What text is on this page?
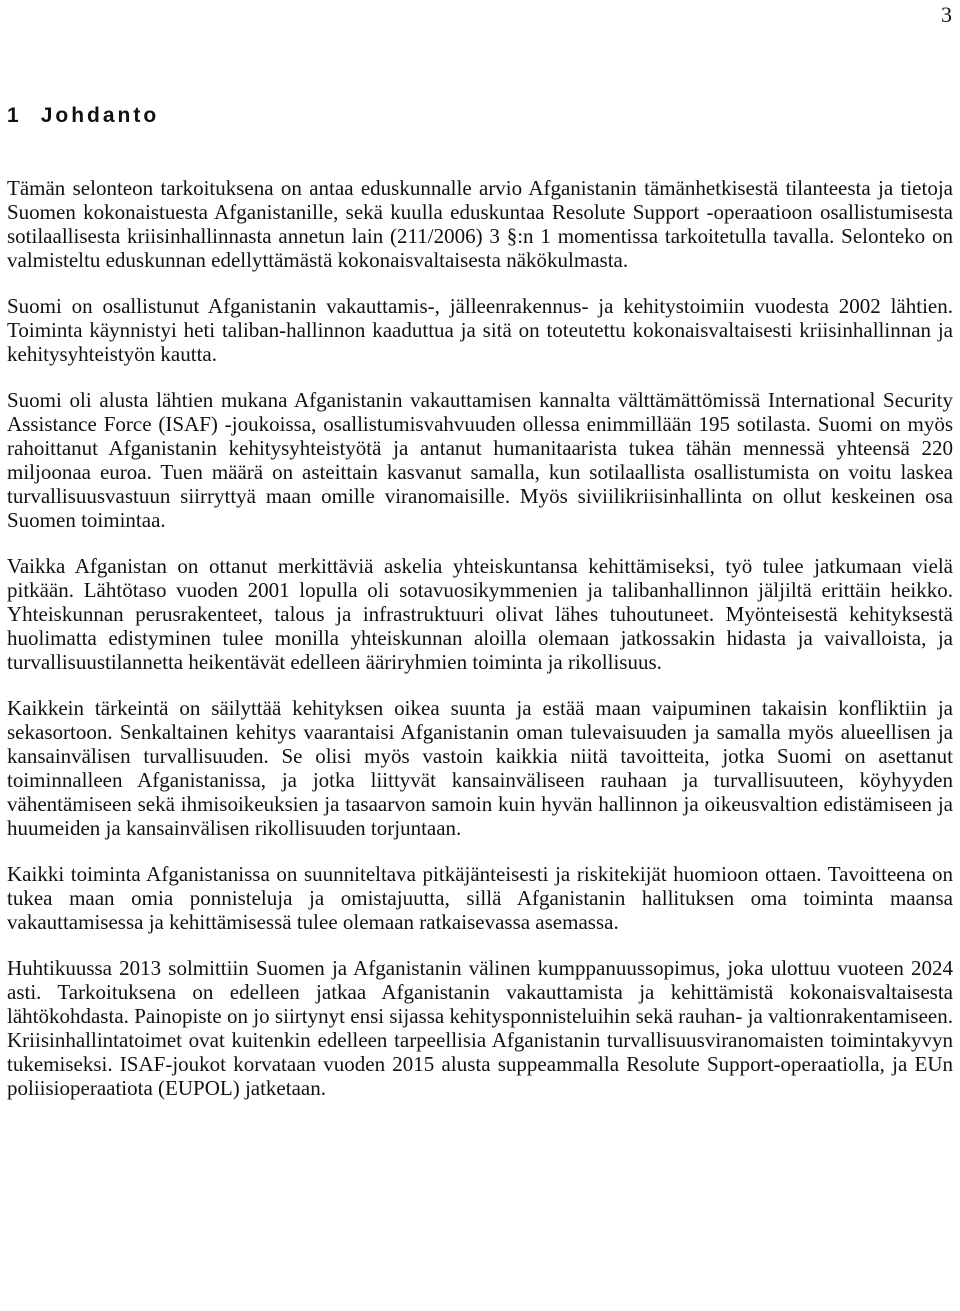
3
1 Johdanto

Tämän selonteon tarkoituksena on antaa eduskunnalle arvio Afganistanin tämänhetkisestä tilanteesta ja tietoja Suomen kokonaistuesta Afganistanille, sekä kuulla eduskuntaa Resolute Support -operaatioon osallistumisesta sotilaallisesta kriisinhallinnasta annetun lain (211/2006) 3 §:n 1 momentissa tarkoitetulla tavalla. Selonteko on valmisteltu eduskunnan edellyttämästä kokonaisvaltaisesta näkökulmasta.

Suomi on osallistunut Afganistanin vakauttamis-, jälleenrakennus- ja kehitystoimiin vuodesta 2002 lähtien. Toiminta käynnistyi heti taliban-hallinnon kaaduttua ja sitä on toteutettu kokonaisvaltaisesti kriisinhallinnan ja kehitysyhteistyön kautta.

Suomi oli alusta lähtien mukana Afganistanin vakauttamisen kannalta välttämättömissä International Security Assistance Force (ISAF) -joukoissa, osallistumisvahvuuden ollessa enimmillään 195 sotilasta. Suomi on myös rahoittanut Afganistanin kehitysyhteistyötä ja antanut humanitaarista tukea tähän mennessä yhteensä 220 miljoonaa euroa. Tuen määrä on asteittain kasvanut samalla, kun sotilaallista osallistumista on voitu laskea turvallisuusvastuun siirryttyä maan omille viranomaisille. Myös siviilikriisinhallinta on ollut keskeinen osa Suomen toimintaa.

Vaikka Afganistan on ottanut merkittäviä askelia yhteiskuntansa kehittämiseksi, työ tulee jatkumaan vielä pitkään. Lähtötaso vuoden 2001 lopulla oli sotavuosikymmenien ja talibanhallinnon jäljiltä erittäin heikko. Yhteiskunnan perusrakenteet, talous ja infrastruktuuri olivat lähes tuhoutuneet. Myönteisestä kehityksestä huolimatta edistyminen tulee monilla yhteiskunnan aloilla olemaan jatkossakin hidasta ja vaivalloista, ja turvallisuustilannetta heikentävät edelleen ääriryhmien toiminta ja rikollisuus.

Kaikkein tärkeintä on säilyttää kehityksen oikea suunta ja estää maan vaipuminen takaisin konfliktiin ja sekasortoon. Senkaltainen kehitys vaarantaisi Afganistanin oman tulevaisuuden ja samalla myös alueellisen ja kansainvälisen turvallisuuden. Se olisi myös vastoin kaikkia niitä tavoitteita, jotka Suomi on asettanut toiminnalleen Afganistanissa, ja jotka liittyvät kansainväliseen rauhaan ja turvallisuuteen, köyhyyden vähentämiseen sekä ihmisoikeuksien ja tasaarvon samoin kuin hyvän hallinnon ja oikeusvaltion edistämiseen ja huumeiden ja kansainvälisen rikollisuuden torjuntaan.

Kaikki toiminta Afganistanissa on suunniteltava pitkäjänteisesti ja riskitekijät huomioon ottaen. Tavoitteena on tukea maan omia ponnisteluja ja omistajuutta, sillä Afganistanin hallituksen oma toiminta maansa vakauttamisessa ja kehittämisessä tulee olemaan ratkaisevassa asemassa.

Huhtikuussa 2013 solmittiin Suomen ja Afganistanin välinen kumppanuussopimus, joka ulottuu vuoteen 2024 asti. Tarkoituksena on edelleen jatkaa Afganistanin vakauttamista ja kehittämistä kokonaisvaltaisesta lähtökohdasta. Painopiste on jo siirtynyt ensi sijassa kehitysponnisteluihin sekä rauhan- ja valtionrakentamiseen. Kriisinhallintatoimet ovat kuitenkin edelleen tarpeellisia Afganistanin turvallisuusviranomaisten toimintakyvyn tukemiseksi. ISAF-joukot korvataan vuoden 2015 alusta suppeammalla Resolute Support-operaatiolla, ja EUn poliisioperaatiota (EUPOL) jatketaan.
